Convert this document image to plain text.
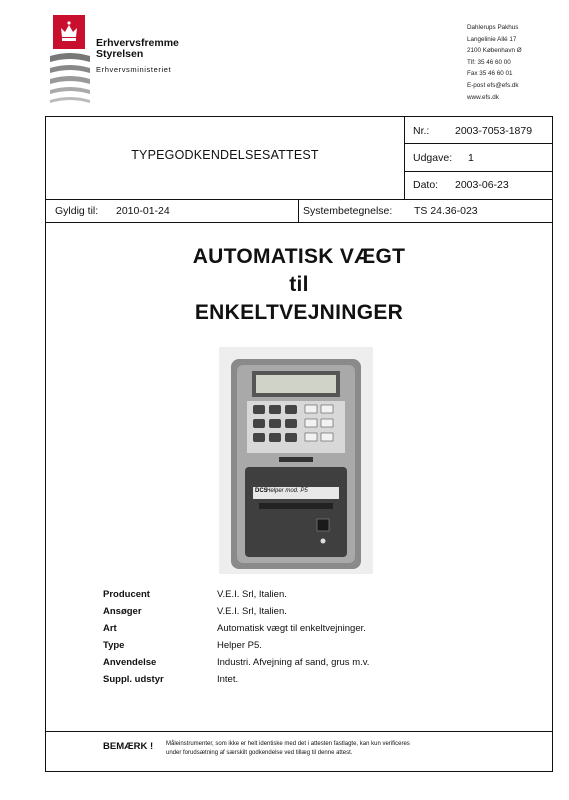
Erhvervsfremme
Styrelsen
Erhvervsministeriet
Dahlerups Pakhus
Langelinie Allé 17
2100 København Ø
Tlf: 35 46 60 00
Fax 35 46 60 01
E-post efs@efs.dk
www.efs.dk
TYPEGODKENDELSESATTEST
Nr.: 2003-7053-1879
Udgave: 1
Dato: 2003-06-23
Gyldig til: 2010-01-24	Systembetegnelse: TS 24.36-023
AUTOMATISK VÆGT
til
ENKELTVEJNINGER
Helper mod. P5
DCS
Producent	V.E.I. Srl, Italien.
Ansøger	V.E.I. Srl, Italien.
Art	Automatisk vægt til enkeltvejninger.
Type	Helper P5.
Anvendelse	Industri. Afvejning af sand, grus m.v.
Suppl. udstyr	Intet.
BEMÆRK ! Måleinstrumenter, som ikke er helt identiske med det i attesten fastlagte, kan kun verificeres
under forudsætning af særskilt godkendelse ved tillæg til denne attest.
